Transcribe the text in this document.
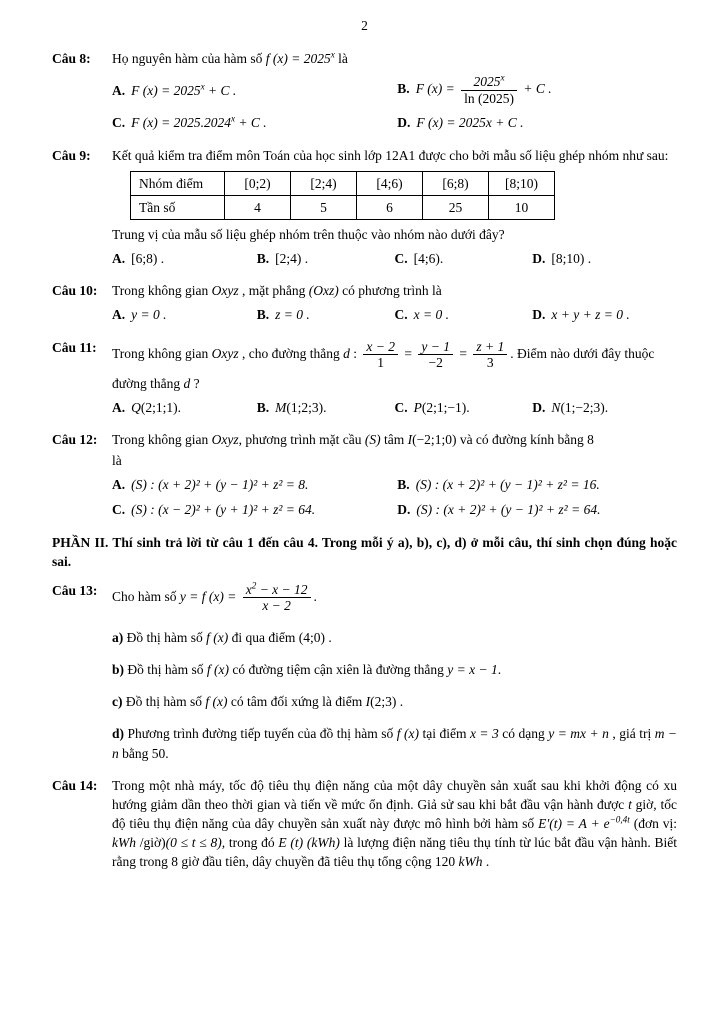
2
Câu 8: Họ nguyên hàm của hàm số f $(x) = 2025^x$ là
A. F $(x) = 2025^x + C$ .	B. F $(x) = \frac{2025^x}{\ln (2025)} + C$ .
C. F $(x) = 2025.2024^x + C$ .	D. F (x) = 2025x + C .
Câu 9: Kết quả kiểm tra điểm môn Toán của học sinh lớp 12A1 được cho bởi mẫu số liệu ghép nhóm như sau:
Nhóm điểm	[0;2)	[2;4)	[4;6)	[6;8)	[8;10)
Tần số	4	5	6	25	10
Trung vị của mẫu số liệu ghép nhóm trên thuộc vào nhóm nào dưới đây?
A. [6;8) .	B. [2;4) .	C. [4;6).	D. [8;10) .
Câu 10: Trong không gian Oxyz , mặt phẳng (Oxz) có phương trình là
A. y = 0 .	B. z = 0 .	C. x = 0 .	D. x + y + z = 0 .
Câu 11: Trong không gian Oxyz , cho đường thẳng d : $\frac{x - 2}{1} = \frac{y - 1}{-2} = \frac{z + 1}{3}$ . Điểm nào dưới đây thuộc
đường thẳng d ?
A. Q(2;1;1).	B. M(1;2;3).	C. P(2;1;−1).	D. N(1;−2;3).
Câu 12: Trong không gian Oxyz, phương trình mặt cầu (S) tâm I(−2;1;0) và có đường kính bằng 8
là
A. (S) : (x + 2)² + (y − 1)² + z² = 8.	B. (S) : (x + 2)² + (y − 1)² + z² = 16.
C. (S) : (x − 2)² + (y + 1)² + z² = 64.	D. (S) : (x + 2)² + (y − 1)² + z² = 64.
PHẦN II. Thí sinh trả lời từ câu 1 đến câu 4. Trong mỗi ý a), b), c), d) ở mỗi câu, thí sinh chọn đúng hoặc sai.
Câu 13: Cho hàm số y = f $(x) = \frac{x^2 - x - 12}{x - 2}$ .
a) Đồ thị hàm số f (x) đi qua điểm (4;0) .
b) Đồ thị hàm số f (x) có đường tiệm cận xiên là đường thẳng y = x − 1.
c) Đồ thị hàm số f (x) có tâm đối xứng là điểm I(2;3) .
d) Phương trình đường tiếp tuyến của đồ thị hàm số f (x) tại điểm x = 3 có dạng y = mx + n , giá trị m − n bằng 50.
Câu 14: Trong một nhà máy, tốc độ tiêu thụ điện năng của một dây chuyền sản xuất sau khi khởi động có xu hướng giảm dần theo thời gian và tiến về mức ổn định. Giả sử sau khi bắt đầu vận hành được t giờ, tốc độ tiêu thụ điện năng của dây chuyền sản xuất này được mô hình bởi hàm số $E'(t) = A + e^{-0,4t}$ (đơn vị: kWh /giờ)(0 ≤ t ≤ 8), trong đó E (t) (kWh) là lượng điện năng tiêu thụ tính từ lúc bắt đầu vận hành. Biết rằng trong 8 giờ đầu tiên, dây chuyền đã tiêu thụ tổng cộng 120 kWh .
